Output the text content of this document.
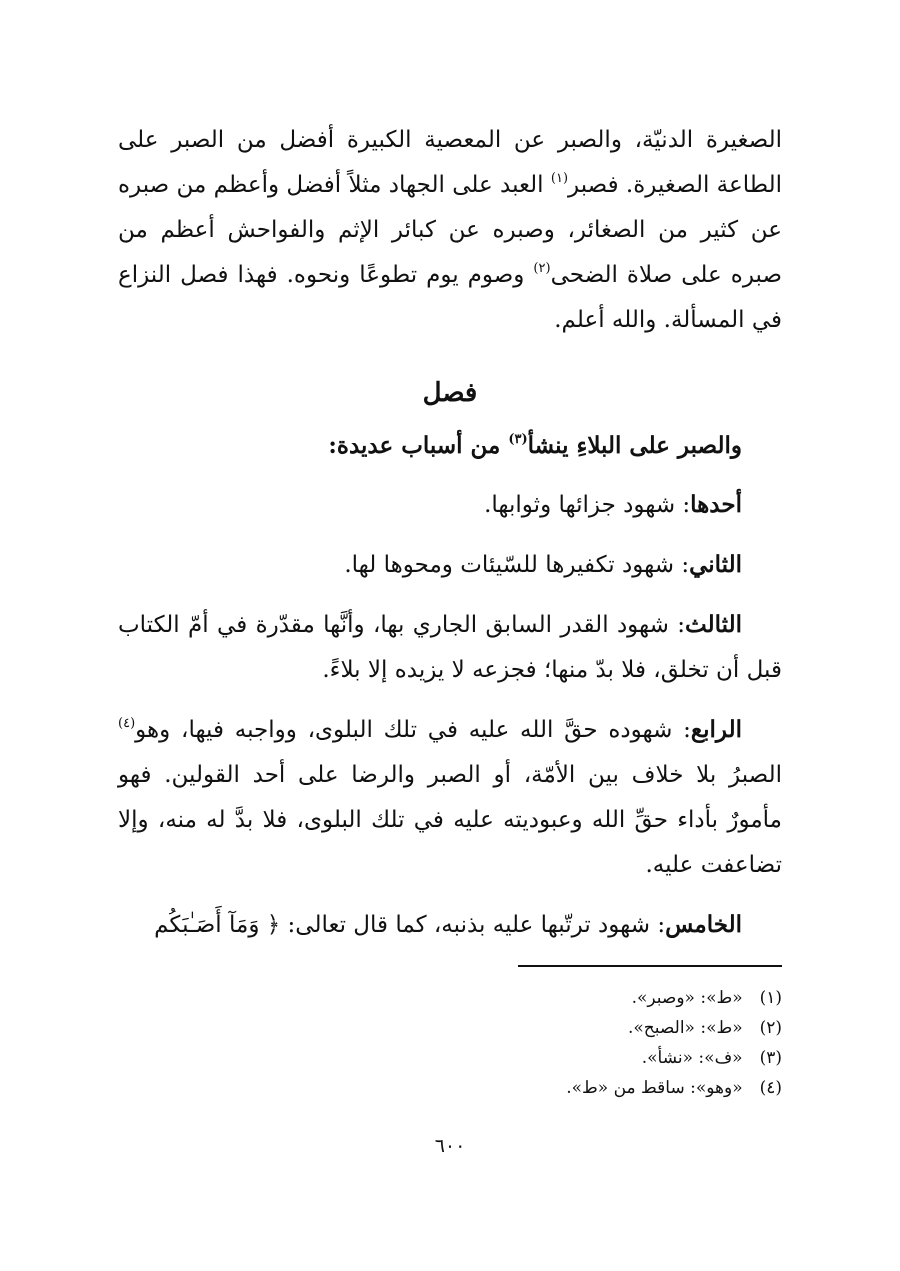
الصغيرة الدنيّة، والصبر عن المعصية الكبيرة أفضل من الصبر على الطاعة الصغيرة. فصبر$^{(١)}$ العبد على الجهاد مثلاً أفضل وأعظم من صبره عن كثير من الصغائر، وصبره عن كبائر الإثم والفواحش أعظم من صبره على صلاة الضحى$^{(٢)}$ وصوم يوم تطوعًا ونحوه. فهذا فصل النزاع في المسألة. والله أعلم.

فصل

والصبر على البلاءِ ينشأ$^{(٣)}$ من أسباب عديدة:

أحدها: شهود جزائها وثوابها.

الثاني: شهود تكفيرها للسّيئات ومحوها لها.

الثالث: شهود القدر السابق الجاري بها، وأنَّها مقدّرة في أمّ الكتاب قبل أن تخلق، فلا بدّ منها؛ فجزعه لا يزيده إلا بلاءً.

الرابع: شهوده حقَّ الله عليه في تلك البلوى، وواجبه فيها، وهو$^{(٤)}$ الصبرُ بلا خلاف بين الأمّة، أو الصبر والرضا على أحد القولين. فهو مأمورٌ بأداء حقِّ الله وعبوديته عليه في تلك البلوى، فلا بدَّ له منه، وإلا تضاعفت عليه.

الخامس: شهود ترتّبها عليه بذنبه، كما قال تعالى: ﴿ وَمَآ أَصَـٰبَكُم

(١) «ط»: «وصبر».
(٢) «ط»: «الصبح».
(٣) «ف»: «نشأ».
(٤) «وهو»: ساقط من «ط».
٦٠٠
